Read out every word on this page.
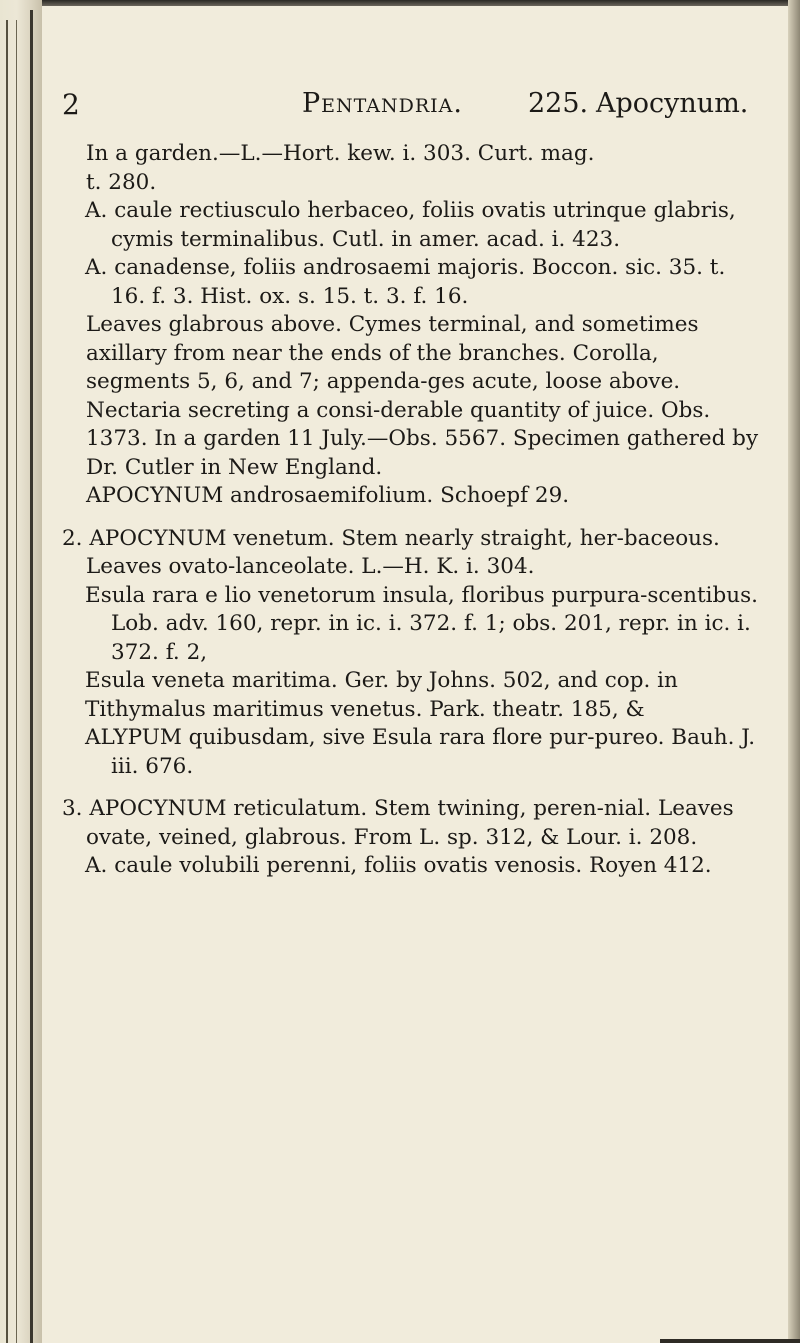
2	Pentandria. 225. Apocynum.

In a garden.—L.—Hort. kew. i. 303. Curt. mag.

t. 280.

A. caule rectiusculo herbaceo, foliis ovatis utrinque glabris, cymis terminalibus. Cutl. in amer. acad. i. 423.

A. canadense, foliis androsaemi majoris. Boccon. sic. 35. t. 16. f. 3. Hist. ox. s. 15. t. 3. f. 16.

Leaves glabrous above. Cymes terminal, and sometimes axillary from near the ends of the branches. Corolla, segments 5, 6, and 7; appenda-ges acute, loose above. Nectaria secreting a consi-derable quantity of juice. Obs. 1373. In a garden 11 July.—Obs. 5567. Specimen gathered by Dr. Cutler in New England.

APOCYNUM androsaemifolium. Schoepf 29.

2. APOCYNUM venetum. Stem nearly straight, her-baceous. Leaves ovato-lanceolate. L.—H. K. i. 304.

Esula rara e lio venetorum insula, floribus purpura-scentibus. Lob. adv. 160, repr. in ic. i. 372. f. 1; obs. 201, repr. in ic. i. 372. f. 2,

Esula veneta maritima. Ger. by Johns. 502, and cop. in

Tithymalus maritimus venetus. Park. theatr. 185, &

ALYPUM quibusdam, sive Esula rara flore pur-pureo. Bauh. J. iii. 676.

3. APOCYNUM reticulatum. Stem twining, peren-nial. Leaves ovate, veined, glabrous. From L. sp. 312, & Lour. i. 208.

A. caule volubili perenni, foliis ovatis venosis. Royen 412.
